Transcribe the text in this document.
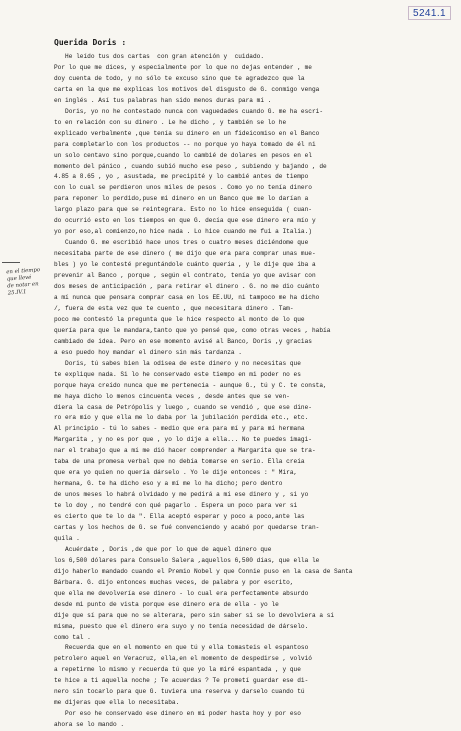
5241.1
en el tiempo
que llevé
de notar en
25.IV.1
Querida Doris :
He leído tus dos cartas  con gran atención y  cuidado.
Por lo que me dices, y especialmente por lo que no dejas entender , me
doy cuenta de todo, y no sólo te excuso sino que te agradezco que la
carta en la que me explicas los motivos del disgusto de G. conmigo venga
en inglés . Así tus palabras han sido menos duras para mí .
Doris, yo no he contestado nunca con vaguedades cuando G. me ha escri-
to en relación con su dinero . Le he dicho , y también se lo he
explicado verbalmente ,que tenía su dinero en un fideicomiso en el Banco
para completarlo con los productos -- no porque yo haya tomado de él ni
un solo centavo sino porque,cuando lo cambié de dolares en pesos en el
momento del pánico , cuando subió mucho ese peso , subiendo y bajando , de
4.85 a 8.65 , yo , asustada, me precipité y lo cambié antes de tiempo
con lo cual se perdieron unos miles de pesos . Como yo no tenía dinero
para reponer lo perdido,puse mi dinero en un Banco que me lo darían a
largo plazo para que se reintegrara. Esto no lo hice enseguida ( cuan-
do ocurrió esto en los tiempos en que G. decía que ese dinero era mío y
yo por eso,al comienzo,no hice nada . Lo hice cuando me fui a Italia.)
Cuando G. me escribió hace unos tres o cuatro meses diciéndome que
necesitaba parte de ese dinero ( me dijo que era para comprar unas mue-
bles ) yo le contesté preguntándole cuánto quería , y le dije que iba a
prevenir al Banco , porque , según el contrato, tenía yo que avisar con
dos meses de anticipación , para retirar el dinero . G. no me dio cuánto
a mí nunca que pensara comprar casa en los EE.UU, ni tampoco me ha dicho
/, fuera de esta vez que te cuento , que necesitara dinero . Tam-
poco me contestó la pregunta que le hice respecto al monto de lo que
quería para que le mandara,tanto que yo pensé que, como otras veces , había
cambiado de idea. Pero en ese momento avisé al Banco, Doris ,y gracias
a eso puedo hoy mandar el dinero sin más tardanza .
Doris, tú sabes bien la odisea de este dinero y no necesitas que
te explique nada. Si lo he conservado este tiempo en mi poder no es
porque haya creído nunca que me pertenecía - aunque G., tú y C. te consta,
me haya dicho lo menos cincuenta veces , desde antes que se ven-
diera la casa de Petrópolis y luego , cuando se vendió , que ese dine-
ro era mío y que ella me lo daba por la jubilación perdida etc., etc.
Al principio - tú lo sabes - medio que era para mí y para mi hermana
Margarita , y no es por que , yo lo dije a ella... No te puedes imagi-
nar el trabajo que a mí me dió hacer comprender a Margarita que se tra-
taba de una promesa verbal que no debía tomarse en serio. Ella creía
que era yo quien no quería dárselo . Yo le dije entonces : " Mira,
hermana, G. te ha dicho eso y a mí me lo ha dicho; pero dentro
de unos meses lo habrá olvidado y me pedirá a mí ese dinero y , si yo
te lo doy , no tendré con qué pagarlo . Espera un poco para ver si
es cierto que te lo da ". Ella aceptó esperar y poco a poco,ante las
cartas y los hechos de G. se fué convenciendo y acabó por quedarse tran-
quila .
Acuérdate , Doris ,de que por lo que de aquel dinero que
los 6,500 dólares para Consuelo Salera ,aquellos 6,500 días, que ella le
dijo haberlo mandado cuando el Premio Nobel y que Connie puso en la casa de Santa
Bárbara. G. dijo entonces muchas veces, de palabra y por escrito,
que ella me devolvería ese dinero - lo cual era perfectamente absurdo
desde mi punto de vista porque ese dinero era de ella - yo le
dije que sí para que no se alterara, pero sin saber si se lo devolviera a sí
misma, puesto que el dinero era suyo y no tenía necesidad de dárselo.
como tal .
Recuerda que en el momento en que tú y ella tomasteis el espantoso
petrolero aquel en Veracruz, ella,en el momento de despedirse , volvió
a repetirme lo mismo y recuerda tú que yo la miré espantada , y que
te hice a ti aquella noche ; Te acuerdas ? Te prometí guardar ese di-
nero sin tocarlo para que G. tuviera una reserva y darselo cuando tú
me dijeras que ella lo necesitaba.
Por eso he conservado ese dinero en mi poder hasta hoy y por eso
ahora se lo mando .
